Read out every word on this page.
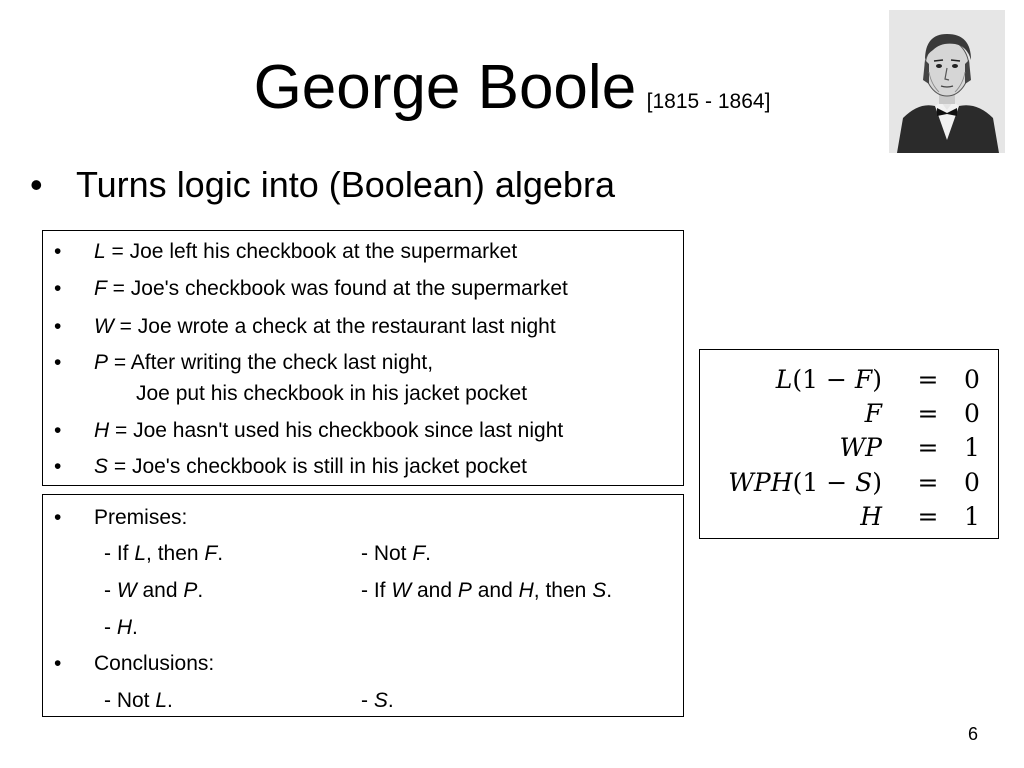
George Boole [1815 - 1864]
• Turns logic into (Boolean) algebra
• L = Joe left his checkbook at the supermarket
• F = Joe's checkbook was found at the supermarket
• W = Joe wrote a check at the restaurant last night
• P = After writing the check last night,
Joe put his checkbook in his jacket pocket
• H = Joe hasn't used his checkbook since last night
• S = Joe's checkbook is still in his jacket pocket
• Premises:
- If L, then F.	- Not F.
- W and P.	- If W and P and H, then S.
- H.
• Conclusions:
- Not L.	- S.
L(1 − F) = 0
F = 0
WP = 1
WPH(1 − S) = 0
H = 1
6
